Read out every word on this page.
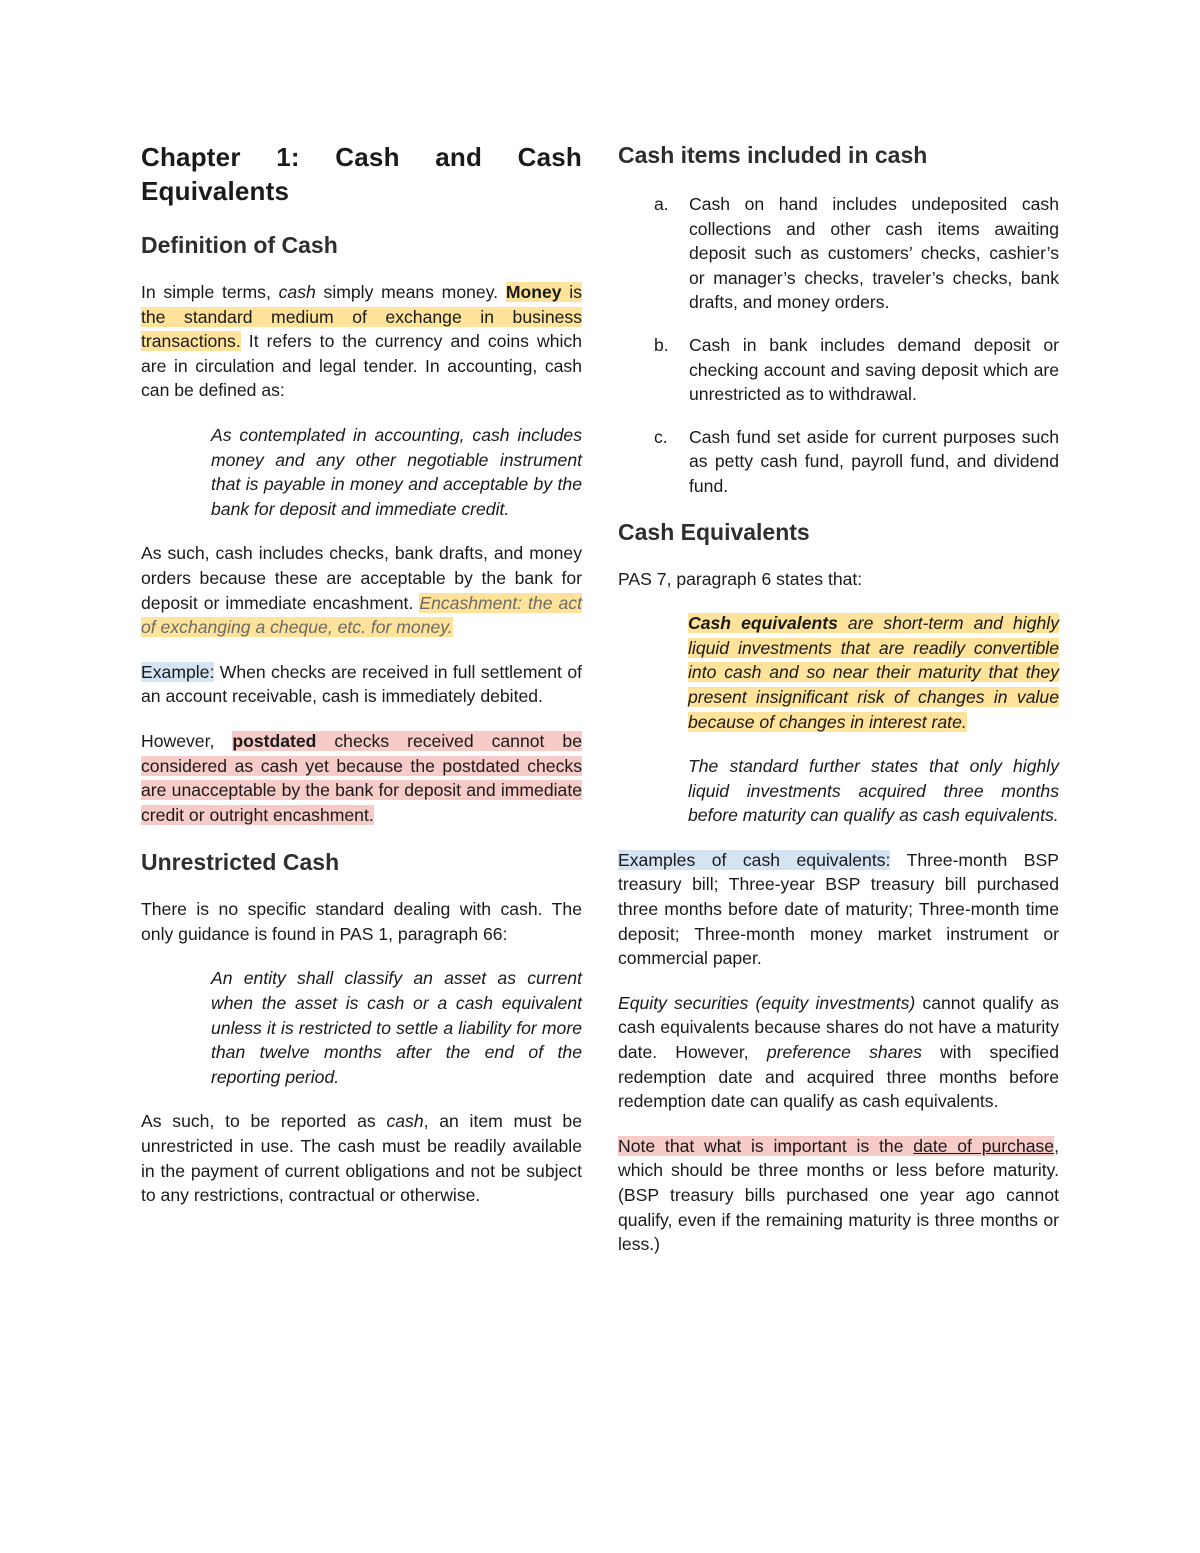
Chapter 1: Cash and Cash Equivalents
Definition of Cash

In simple terms, cash simply means money. Money is the standard medium of exchange in business transactions. It refers to the currency and coins which are in circulation and legal tender. In accounting, cash can be defined as:

As contemplated in accounting, cash includes money and any other negotiable instrument that is payable in money and acceptable by the bank for deposit and immediate credit.

As such, cash includes checks, bank drafts, and money orders because these are acceptable by the bank for deposit or immediate encashment. Encashment: the act of exchanging a cheque, etc. for money.

Example: When checks are received in full settlement of an account receivable, cash is immediately debited.

However, postdated checks received cannot be considered as cash yet because the postdated checks are unacceptable by the bank for deposit and immediate credit or outright encashment.

Unrestricted Cash

There is no specific standard dealing with cash. The only guidance is found in PAS 1, paragraph 66:

An entity shall classify an asset as current when the asset is cash or a cash equivalent unless it is restricted to settle a liability for more than twelve months after the end of the reporting period.

As such, to be reported as cash, an item must be unrestricted in use. The cash must be readily available in the payment of current obligations and not be subject to any restrictions, contractual or otherwise.

Cash items included in cash
a. Cash on hand includes undeposited cash collections and other cash items awaiting deposit such as customers’ checks, cashier’s or manager’s checks, traveler’s checks, bank drafts, and money orders.
b. Cash in bank includes demand deposit or checking account and saving deposit which are unrestricted as to withdrawal.
c. Cash fund set aside for current purposes such as petty cash fund, payroll fund, and dividend fund.
Cash Equivalents

PAS 7, paragraph 6 states that:

Cash equivalents are short-term and highly liquid investments that are readily convertible into cash and so near their maturity that they present insignificant risk of changes in value because of changes in interest rate.

The standard further states that only highly liquid investments acquired three months before maturity can qualify as cash equivalents.

Examples of cash equivalents: Three-month BSP treasury bill; Three-year BSP treasury bill purchased three months before date of maturity; Three-month time deposit; Three-month money market instrument or commercial paper.

Equity securities (equity investments) cannot qualify as cash equivalents because shares do not have a maturity date. However, preference shares with specified redemption date and acquired three months before redemption date can qualify as cash equivalents.

Note that what is important is the date of purchase, which should be three months or less before maturity. (BSP treasury bills purchased one year ago cannot qualify, even if the remaining maturity is three months or less.)
